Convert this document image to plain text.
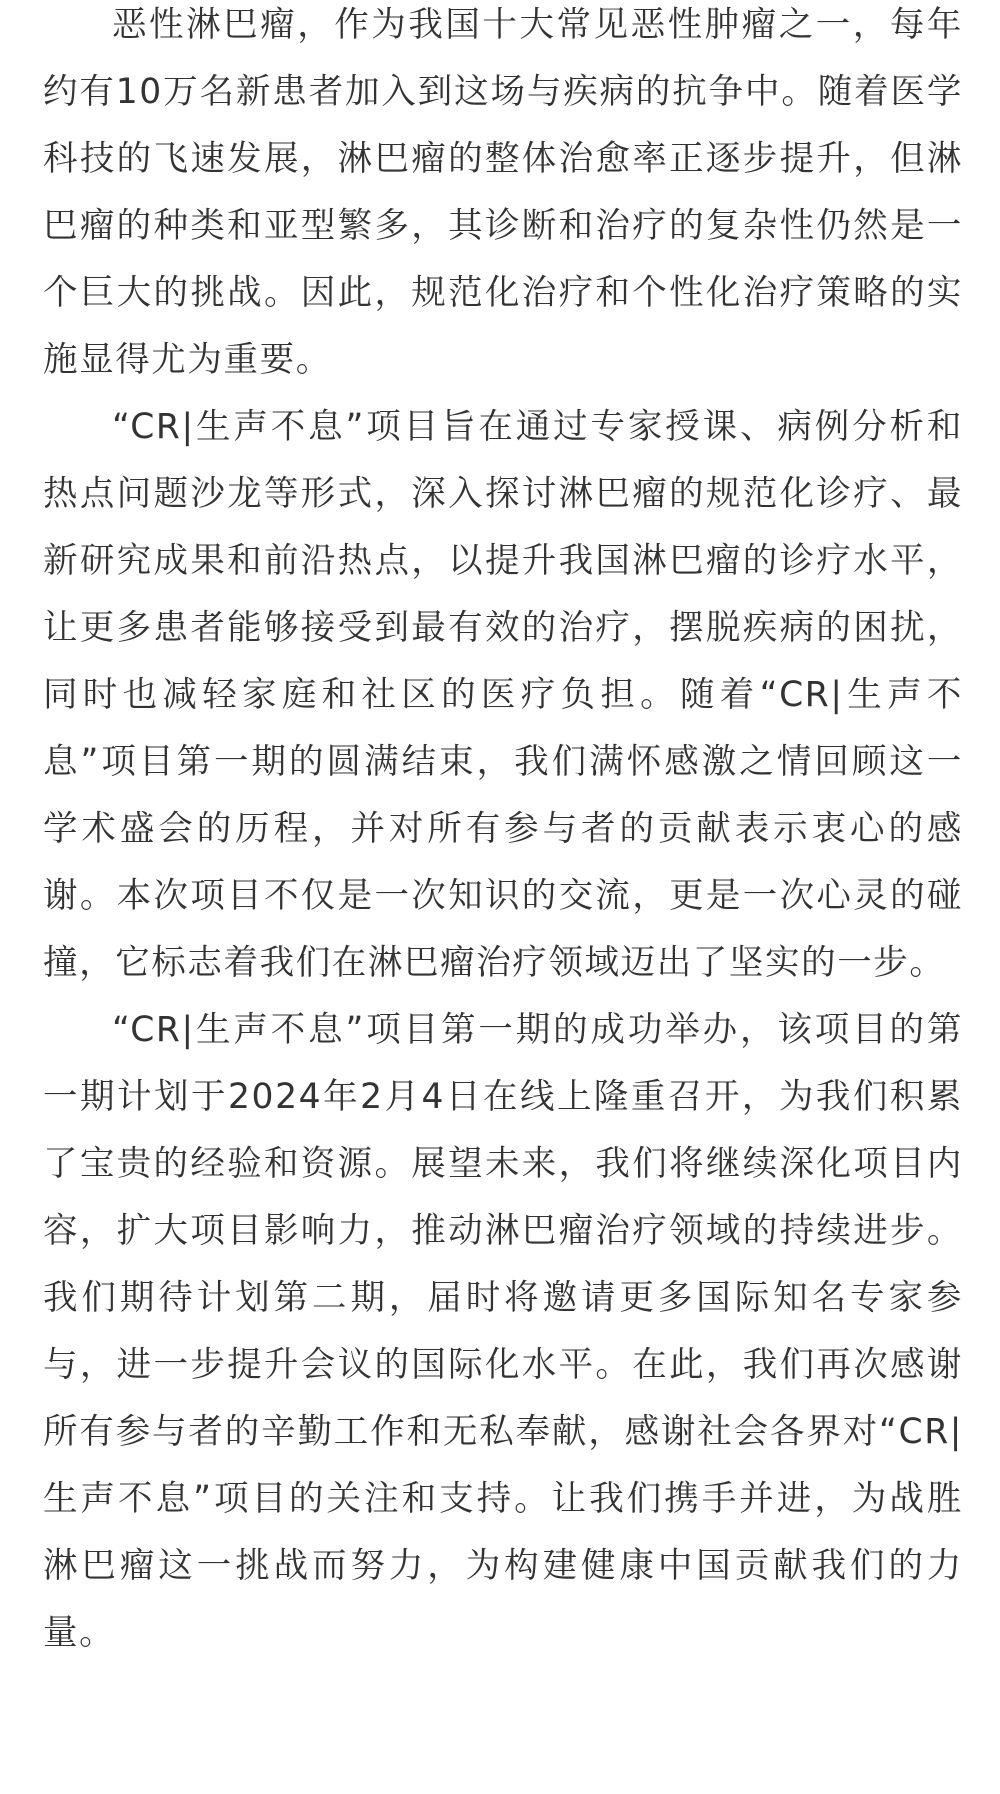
恶性淋巴瘤，作为我国十大常见恶性肿瘤之一，每年约有10万名新患者加入到这场与疾病的抗争中。随着医学科技的飞速发展，淋巴瘤的整体治愈率正逐步提升，但淋巴瘤的种类和亚型繁多，其诊断和治疗的复杂性仍然是一个巨大的挑战。因此，规范化治疗和个性化治疗策略的实施显得尤为重要。

“CR|生声不息”项目旨在通过专家授课、病例分析和热点问题沙龙等形式，深入探讨淋巴瘤的规范化诊疗、最新研究成果和前沿热点，以提升我国淋巴瘤的诊疗水平，让更多患者能够接受到最有效的治疗，摆脱疾病的困扰，同时也减轻家庭和社区的医疗负担。随着“CR|生声不息”项目第一期的圆满结束，我们满怀感激之情回顾这一学术盛会的历程，并对所有参与者的贡献表示衷心的感谢。本次项目不仅是一次知识的交流，更是一次心灵的碰撞，它标志着我们在淋巴瘤治疗领域迈出了坚实的一步。

“CR|生声不息”项目第一期的成功举办，该项目的第一期计划于2024年2月4日在线上隆重召开，为我们积累了宝贵的经验和资源。展望未来，我们将继续深化项目内容，扩大项目影响力，推动淋巴瘤治疗领域的持续进步。我们期待计划第二期，届时将邀请更多国际知名专家参与，进一步提升会议的国际化水平。在此，我们再次感谢所有参与者的辛勤工作和无私奉献，感谢社会各界对“CR|生声不息”项目的关注和支持。让我们携手并进，为战胜淋巴瘤这一挑战而努力，为构建健康中国贡献我们的力量。
